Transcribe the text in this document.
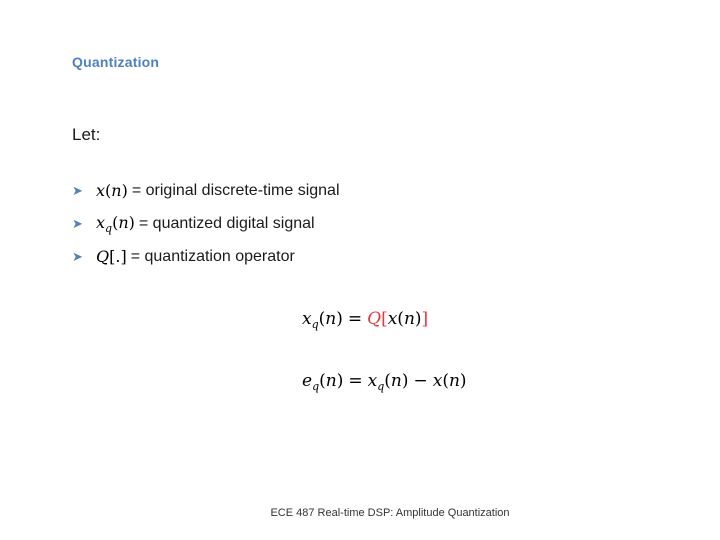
Quantization
Let:
➤ x(n) = original discrete-time signal
➤ $x_q(n)$ = quantized digital signal
➤ Q[.] = quantization operator
$x_q(n) = Q[x(n)]$
$e_q(n) = x_q(n) - x(n)$
ECE 487 Real-time DSP: Amplitude Quantization
